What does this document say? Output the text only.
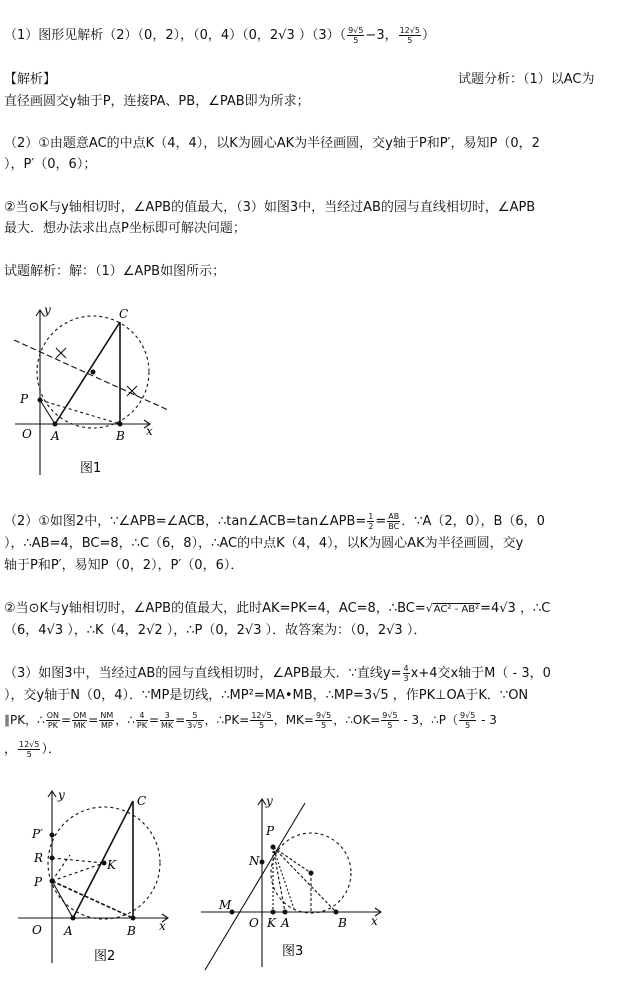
（1）图形见解析（2）（0，2），（0，4）（0，2√3 ）$(3)( \frac{9√5}{5} -3$， $\frac{12√5}{5}$ ）
【解析】	试题分析：（1）以AC为
直径画圆交y轴于P，连接PA、PB，∠PAB即为所求；
（2）①由题意AC的中点K（4，4），以K为圆心AK为半径画圆，交y轴于P和P′，易知P（0，2
），P′（0，6）；
②当⊙K与y轴相切时，∠APB的值最大，（3）如图3中，当经过AB的园与直线相切时，∠APB
最大．想办法求出点P坐标即可解决问题；
试题解析：解：（1）∠APB如图所示；
y	C
P
O A	B x
图1
（2）①如图2中，∵∠APB=∠ACB，∴tan∠ACB=tan∠APB= $\frac{1}{2} = \frac{AB}{BC}$ ．∵A（2，0），B（6，0
），∴AB=4，BC=8，∴C（6，8），∴AC的中点K（4，4），以K为圆心AK为半径画圆，交y
轴于P和P′，易知P（0，2），P′（0，6）．
②当⊙K与y轴相切时，∠APB的值最大，此时AK=PK=4，AC=8，∴BC=√AC² - AB²=4√3 ，∴C
（6，4√3 ），∴K（4，2√2 ），∴P（0，2√3 ）．故答案为：（0，2√3 ）．
（3）如图3中，当经过AB的园与直线相切时，∠APB最大．∵直线$y= \frac{4}{3} x+4$交x轴于M（ - 3，0
），交y轴于N（0，4）．∵MP是切线，∴MP²=MA•MB，∴MP=3√5 ，作PK⊥OA于K．∵ON
∥PK，∴ $\frac{ON}{PK} = \frac{OM}{MK} = \frac{NM}{MP}$ ，∴ $\frac{4}{PK} = \frac{3}{MK} = \frac{5}{3√5}$ ，∴PK= $\frac{12√5}{5}$ ，$MK= \frac{9√5}{5}$ ，∴OK= $\frac{9√5}{5} - 3$，∴P（ $\frac{9√5}{5} - 3$
， $\frac{12√5}{5}$ ）．
y	C
P′
R	K
P
O A	B x
图2
y
P
N
M
O K A	B x
图3
